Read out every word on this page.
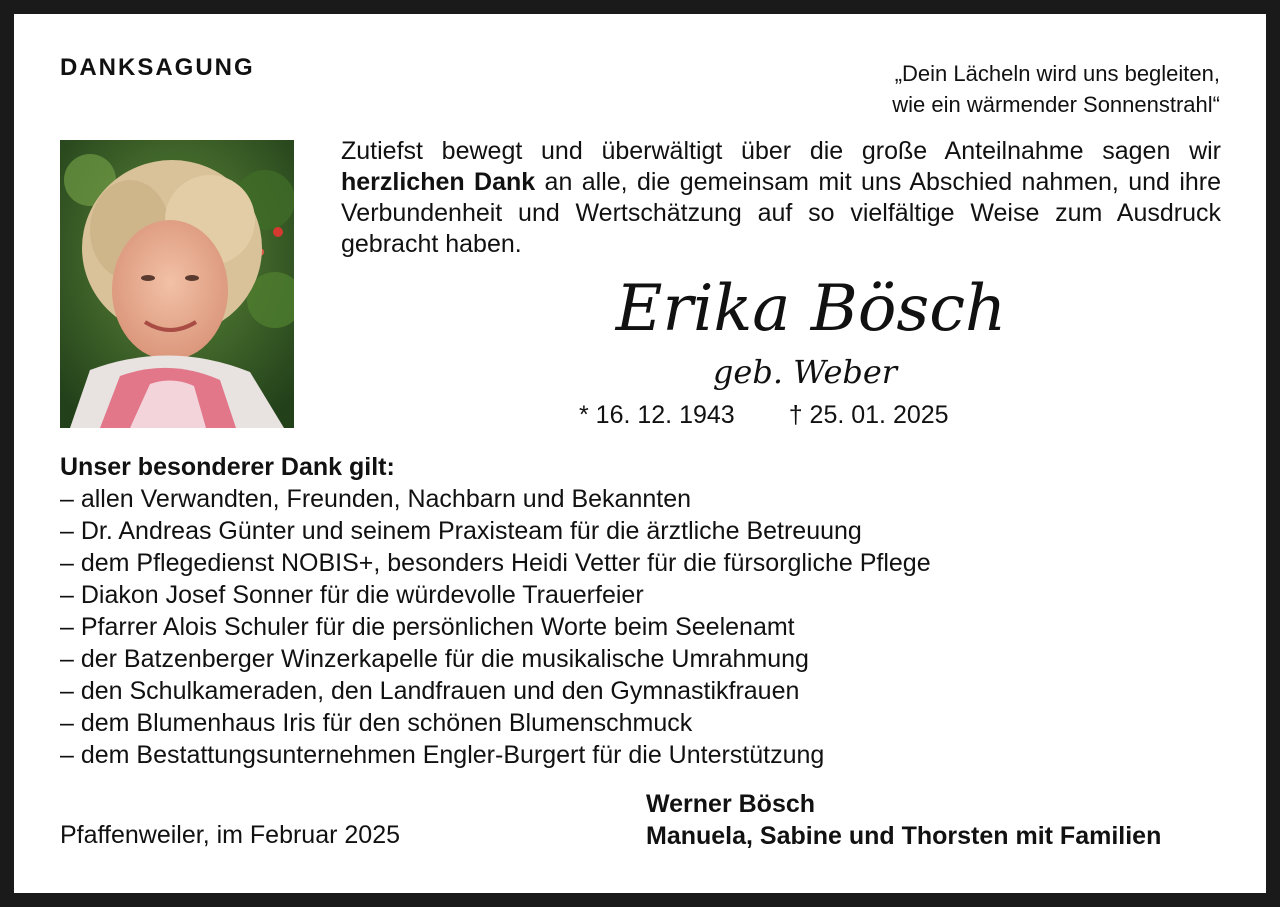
DANKSAGUNG	„Dein Lächeln wird uns begleiten,
wie ein wärmender Sonnenstrahl“
Zutiefst bewegt und überwältigt über die große Anteilnahme sagen wir herzlichen Dank an alle, die gemeinsam mit uns Abschied nahmen, und ihre Verbundenheit und Wertschätzung auf so vielfältige Weise zum Ausdruck gebracht haben.
Erika Bösch
geb. Weber
* 16. 12. 1943 † 25. 01. 2025
Unser besonderer Dank gilt:
– allen Verwandten, Freunden, Nachbarn und Bekannten
– Dr. Andreas Günter und seinem Praxisteam für die ärztliche Betreuung
– dem Pflegedienst NOBIS+, besonders Heidi Vetter für die fürsorgliche Pflege
– Diakon Josef Sonner für die würdevolle Trauerfeier
– Pfarrer Alois Schuler für die persönlichen Worte beim Seelenamt
– der Batzenberger Winzerkapelle für die musikalische Umrahmung
– den Schulkameraden, den Landfrauen und den Gymnastikfrauen
– dem Blumenhaus Iris für den schönen Blumenschmuck
– dem Bestattungsunternehmen Engler-Burgert für die Unterstützung
Pfaffenweiler, im Februar 2025
Werner Bösch
Manuela, Sabine und Thorsten mit Familien
